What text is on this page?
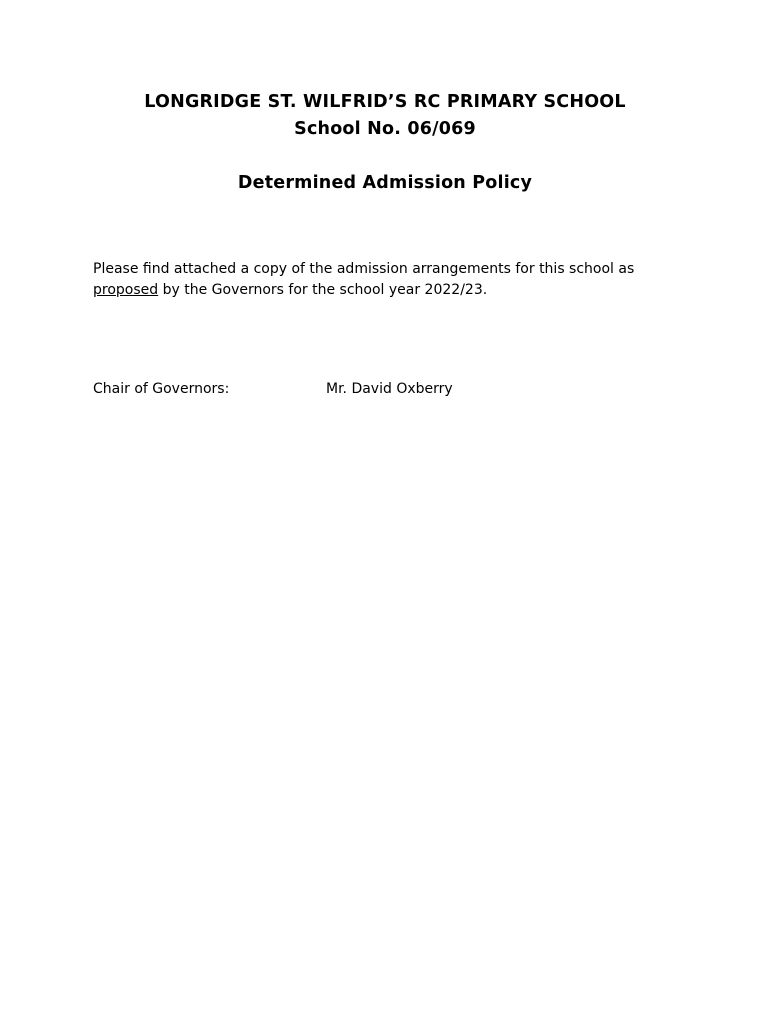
LONGRIDGE ST. WILFRID’S RC PRIMARY SCHOOL
School No. 06/069
Determined Admission Policy
Please find attached a copy of the admission arrangements for this school as
proposed by the Governors for the school year 2022/23.
Chair of Governors:	Mr. David Oxberry
